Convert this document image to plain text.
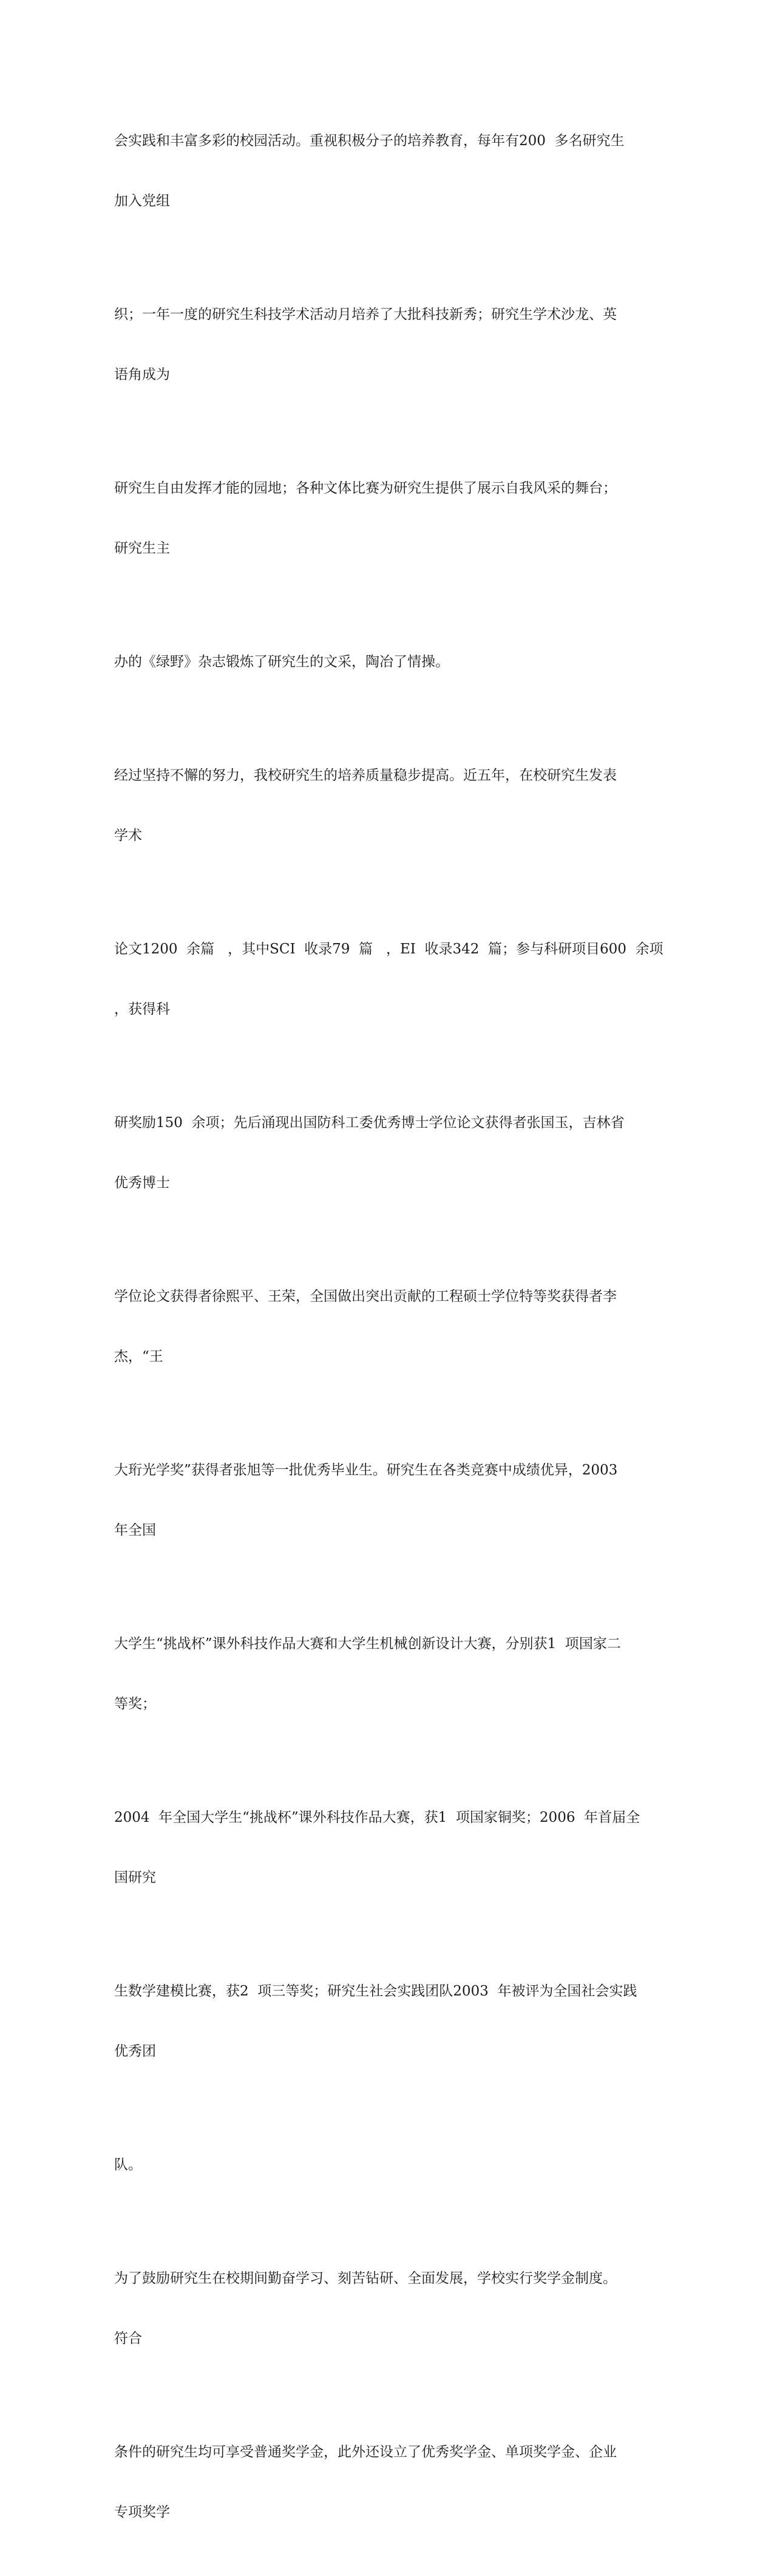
会实践和丰富多彩的校园活动。重视积极分子的培养教育，每年有200  多名研究生

加入党组

织；一年一度的研究生科技学术活动月培养了大批科技新秀；研究生学术沙龙、英

语角成为

研究生自由发挥才能的园地；各种文体比赛为研究生提供了展示自我风采的舞台；

研究生主

办的《绿野》杂志锻炼了研究生的文采，陶冶了情操。

经过坚持不懈的努力，我校研究生的培养质量稳步提高。近五年，在校研究生发表

学术

论文1200  余篇   ，其中SCI  收录79  篇   ，EI  收录342  篇；参与科研项目600  余项

，获得科

研奖励150  余项；先后涌现出国防科工委优秀博士学位论文获得者张国玉，吉林省

优秀博士

学位论文获得者徐熙平、王荣，全国做出突出贡献的工程硕士学位特等奖获得者李

杰，“王

大珩光学奖”获得者张旭等一批优秀毕业生。研究生在各类竞赛中成绩优异，2003

年全国

大学生“挑战杯”课外科技作品大赛和大学生机械创新设计大赛，分别获1  项国家二

等奖；

2004  年全国大学生“挑战杯”课外科技作品大赛，获1  项国家铜奖；2006  年首届全

国研究

生数学建模比赛，获2  项三等奖；研究生社会实践团队2003  年被评为全国社会实践

优秀团

队。

为了鼓励研究生在校期间勤奋学习、刻苦钻研、全面发展，学校实行奖学金制度。

符合

条件的研究生均可享受普通奖学金，此外还设立了优秀奖学金、单项奖学金、企业

专项奖学
